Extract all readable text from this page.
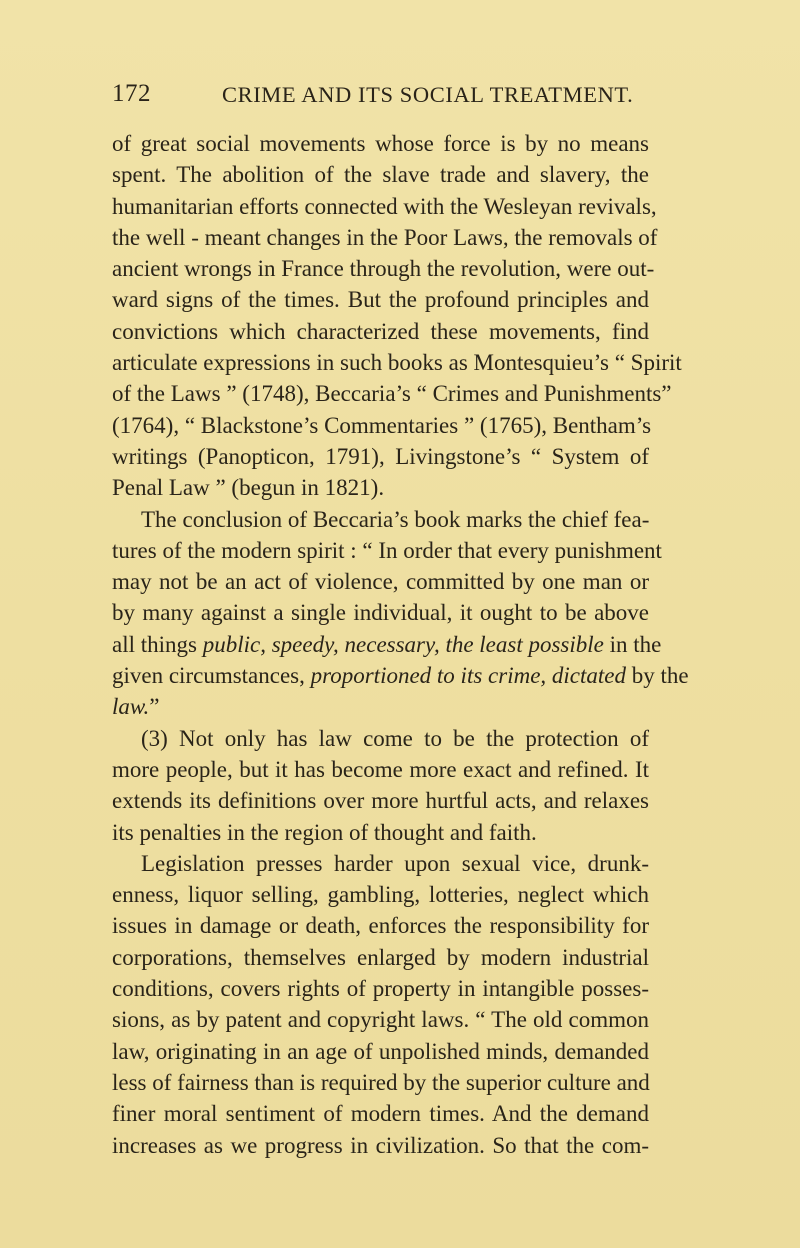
172	CRIME AND ITS SOCIAL TREATMENT.
of great social movements whose force is by no means
spent. The abolition of the slave trade and slavery, the
humanitarian efforts connected with the Wesleyan revivals,
the well - meant changes in the Poor Laws, the removals of
ancient wrongs in France through the revolution, were out-
ward signs of the times. But the profound principles and
convictions which characterized these movements, find
articulate expressions in such books as Montesquieu’s “ Spirit
of the Laws ” (1748), Beccaria’s “ Crimes and Punishments”
(1764), “ Blackstone’s Commentaries ” (1765), Bentham’s
writings (Panopticon, 1791), Livingstone’s “ System of
Penal Law ” (begun in 1821).
The conclusion of Beccaria’s book marks the chief fea-
tures of the modern spirit : “ In order that every punishment
may not be an act of violence, committed by one man or
by many against a single individual, it ought to be above
all things public, speedy, necessary, the least possible in the
given circumstances, proportioned to its crime, dictated by the
law.”
(3) Not only has law come to be the protection of
more people, but it has become more exact and refined. It
extends its definitions over more hurtful acts, and relaxes
its penalties in the region of thought and faith.
Legislation presses harder upon sexual vice, drunk-
enness, liquor selling, gambling, lotteries, neglect which
issues in damage or death, enforces the responsibility for
corporations, themselves enlarged by modern industrial
conditions, covers rights of property in intangible posses-
sions, as by patent and copyright laws. “ The old common
law, originating in an age of unpolished minds, demanded
less of fairness than is required by the superior culture and
finer moral sentiment of modern times. And the demand
increases as we progress in civilization. So that the com-
